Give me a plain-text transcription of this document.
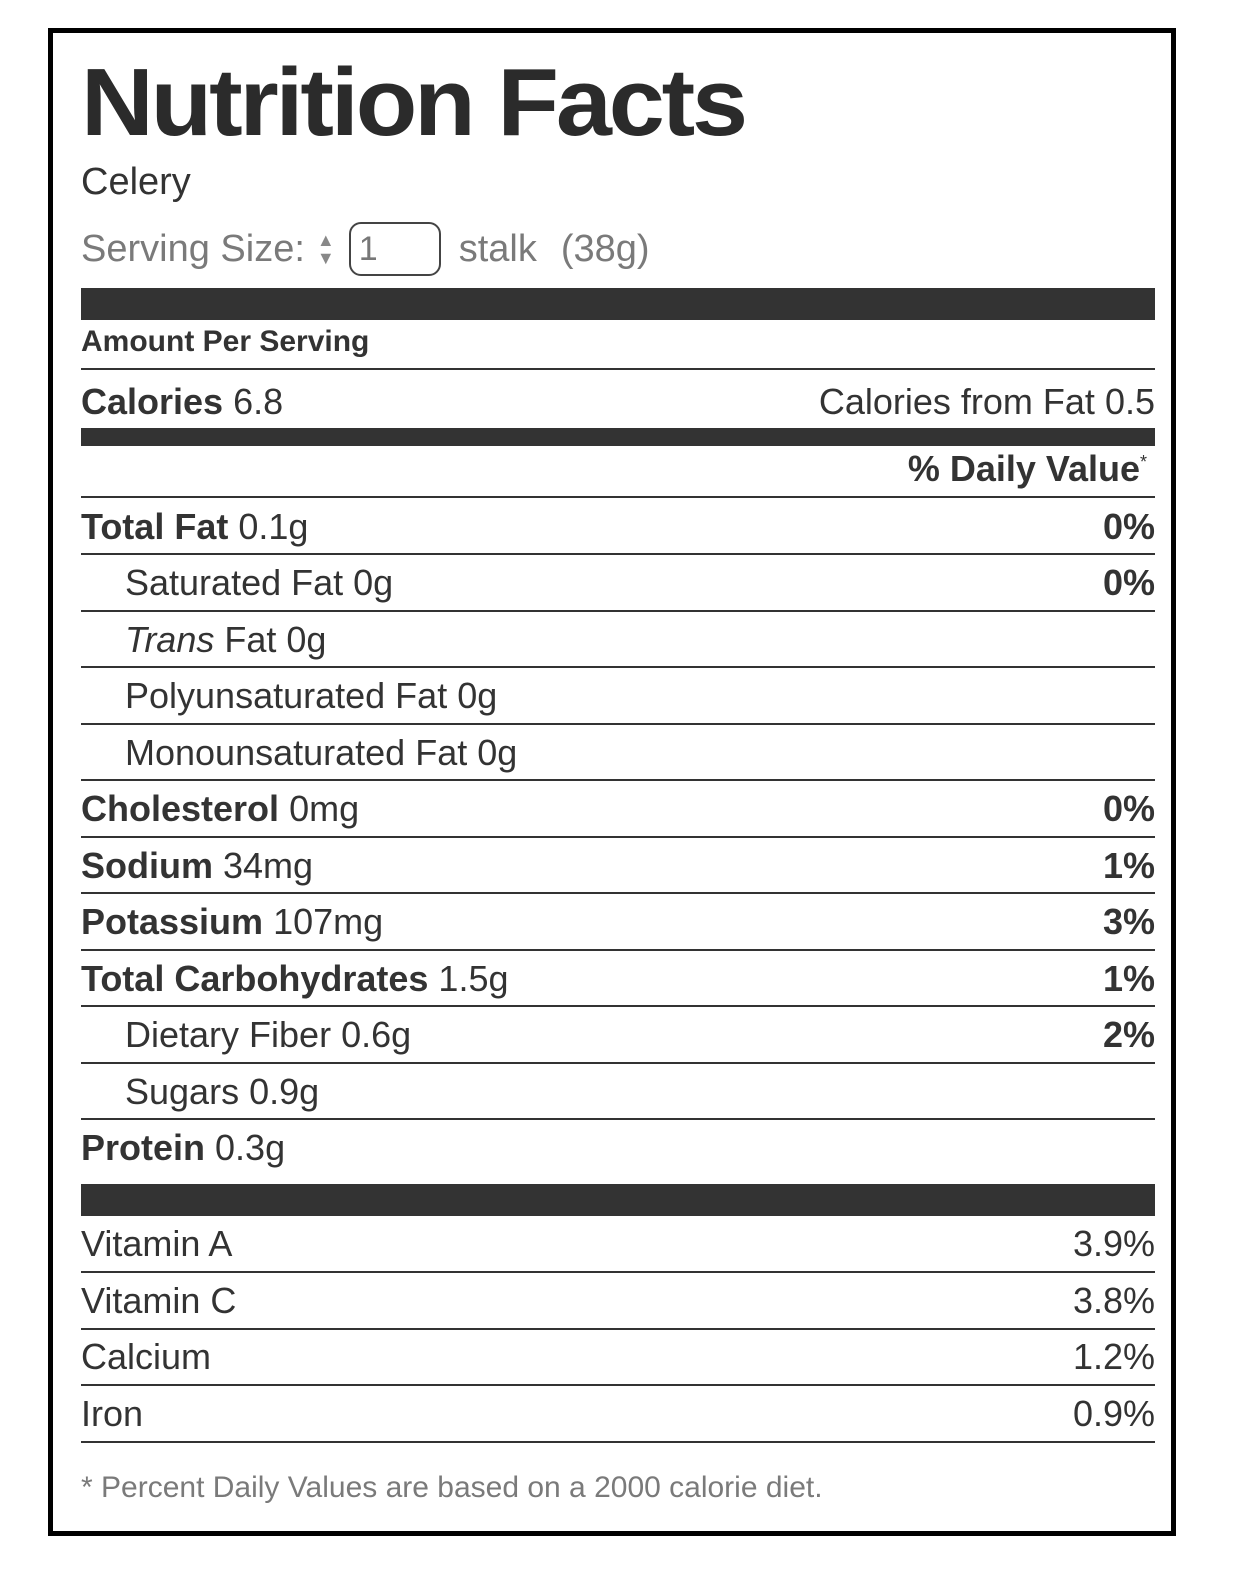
Nutrition Facts
Celery
Serving Size: ▲
▼
1	stalk (38g)
Amount Per Serving
Calories 6.8	Calories from Fat 0.5
% Daily Value*
Total Fat 0.1g	0%
Saturated Fat 0g	0%
Trans Fat 0g
Polyunsaturated Fat 0g
Monounsaturated Fat 0g
Cholesterol 0mg	0%
Sodium 34mg	1%
Potassium 107mg	3%
Total Carbohydrates 1.5g	1%
Dietary Fiber 0.6g	2%
Sugars 0.9g
Protein 0.3g
Vitamin A	3.9%
Vitamin C	3.8%
Calcium	1.2%
Iron	0.9%
* Percent Daily Values are based on a 2000 calorie diet.
